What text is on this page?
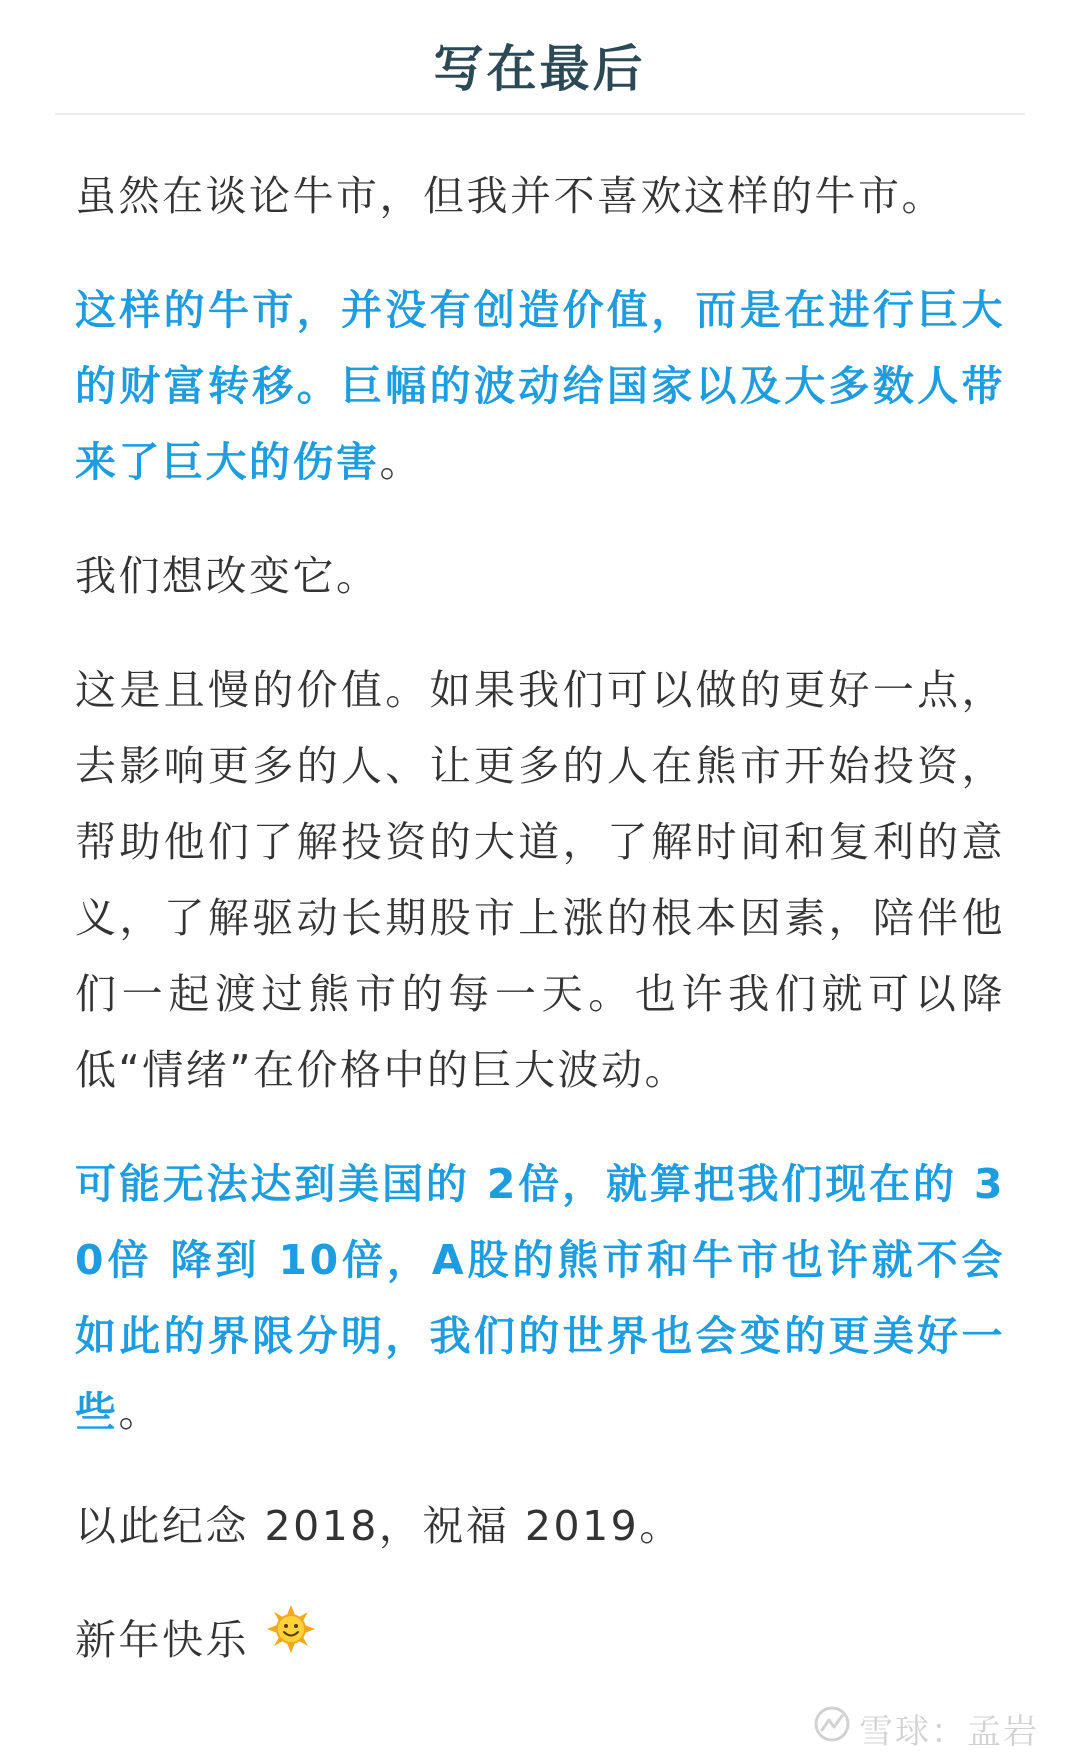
写在最后

虽然在谈论牛市，但我并不喜欢这样的牛市。

这样的牛市，并没有创造价值，而是在进行巨大的财富转移。巨幅的波动给国家以及大多数人带来了巨大的伤害。

我们想改变它。

这是且慢的价值。如果我们可以做的更好一点，去影响更多的人、让更多的人在熊市开始投资，帮助他们了解投资的大道，了解时间和复利的意义，了解驱动长期股市上涨的根本因素，陪伴他们一起渡过熊市的每一天。也许我们就可以降低“情绪”在价格中的巨大波动。

可能无法达到美国的 2倍，就算把我们现在的 30倍 降到 10倍，A股的熊市和牛市也许就不会如此的界限分明，我们的世界也会变的更美好一些。

以此纪念 2018，祝福 2019。

新年快乐

雪球：孟岩
